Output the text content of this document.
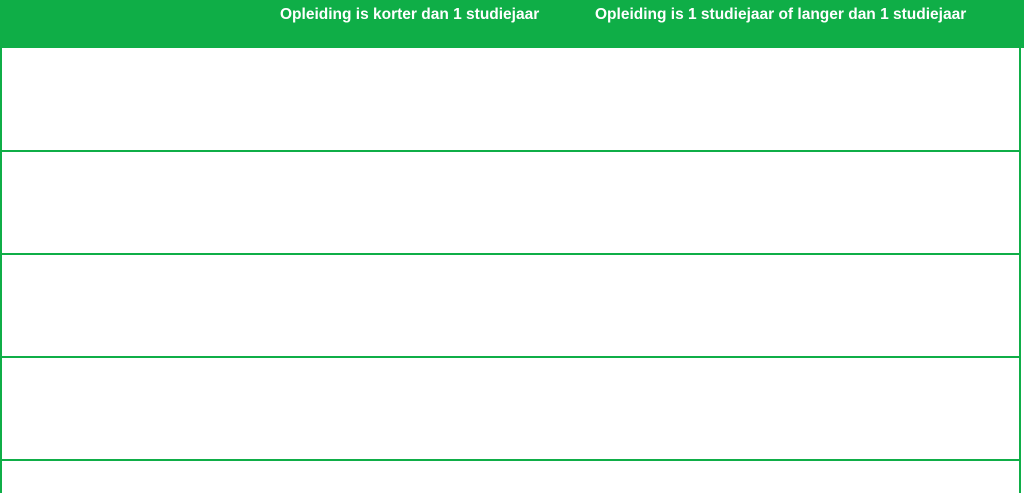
Opleiding is korter dan 1 studiejaar	Opleiding is 1 studiejaar of langer dan 1 studiejaar
